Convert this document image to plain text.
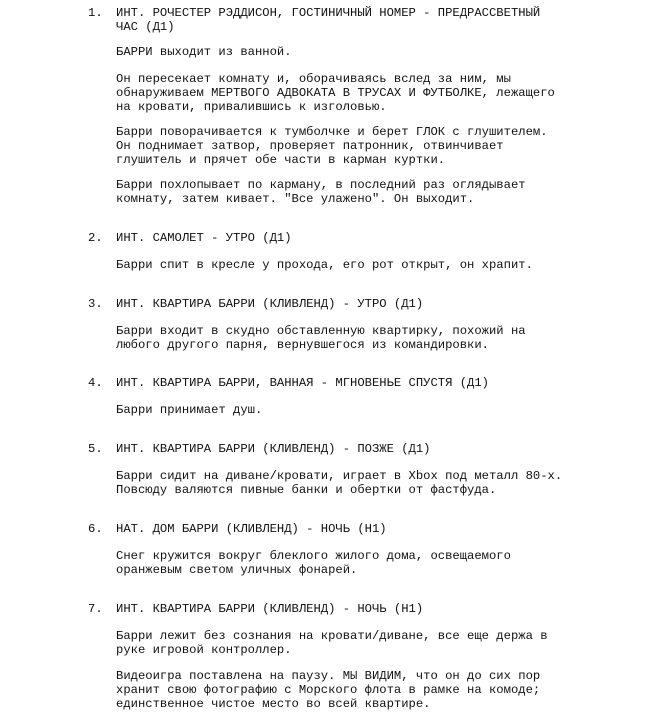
1. ИНТ. РОЧЕСТЕР РЭДДИСОН, ГОСТИНИЧНЫЙ НОМЕР - ПРЕДРАССВЕТНЫЙ
ЧАС (Д1)
БАРРИ выходит из ванной.
Он пересекает комнату и, оборачиваясь вслед за ним, мы
обнаруживаем МЕРТВОГО АДВОКАТА В ТРУСАХ И ФУТБОЛКЕ, лежащего
на кровати, привалившись к изголовью.
Барри поворачивается к тумболчке и берет ГЛОК с глушителем.
Он поднимает затвор, проверяет патронник, отвинчивает
глушитель и прячет обе части в карман куртки.
Барри похлопывает по карману, в последний раз оглядывает
комнату, затем кивает. "Все улажено". Он выходит.
2. ИНТ. САМОЛЕТ - УТРО (Д1)
Барри спит в кресле у прохода, его рот открыт, он храпит.
3. ИНТ. КВАРТИРА БАРРИ (КЛИВЛЕНД) - УТРО (Д1)
Барри входит в скудно обставленную квартирку, похожий на
любого другого парня, вернувшегося из командировки.
4. ИНТ. КВАРТИРА БАРРИ, ВАННАЯ - МГНОВЕНЬЕ СПУСТЯ (Д1)
Барри принимает душ.
5. ИНТ. КВАРТИРА БАРРИ (КЛИВЛЕНД) - ПОЗЖЕ (Д1)
Барри сидит на диване/кровати, играет в Xbox под металл 80-х.
Повсюду валяются пивные банки и обертки от фастфуда.
6. НАТ. ДОМ БАРРИ (КЛИВЛЕНД) - НОЧЬ (Н1)
Снег кружится вокруг блеклого жилого дома, освещаемого
оранжевым светом уличных фонарей.
7. ИНТ. КВАРТИРА БАРРИ (КЛИВЛЕНД) - НОЧЬ (Н1)
Барри лежит без сознания на кровати/диване, все еще держа в
руке игровой контроллер.
Видеоигра поставлена на паузу. МЫ ВИДИМ, что он до сих пор
хранит свою фотографию с Морского флота в рамке на комоде;
единственное чистое место во всей квартире.
